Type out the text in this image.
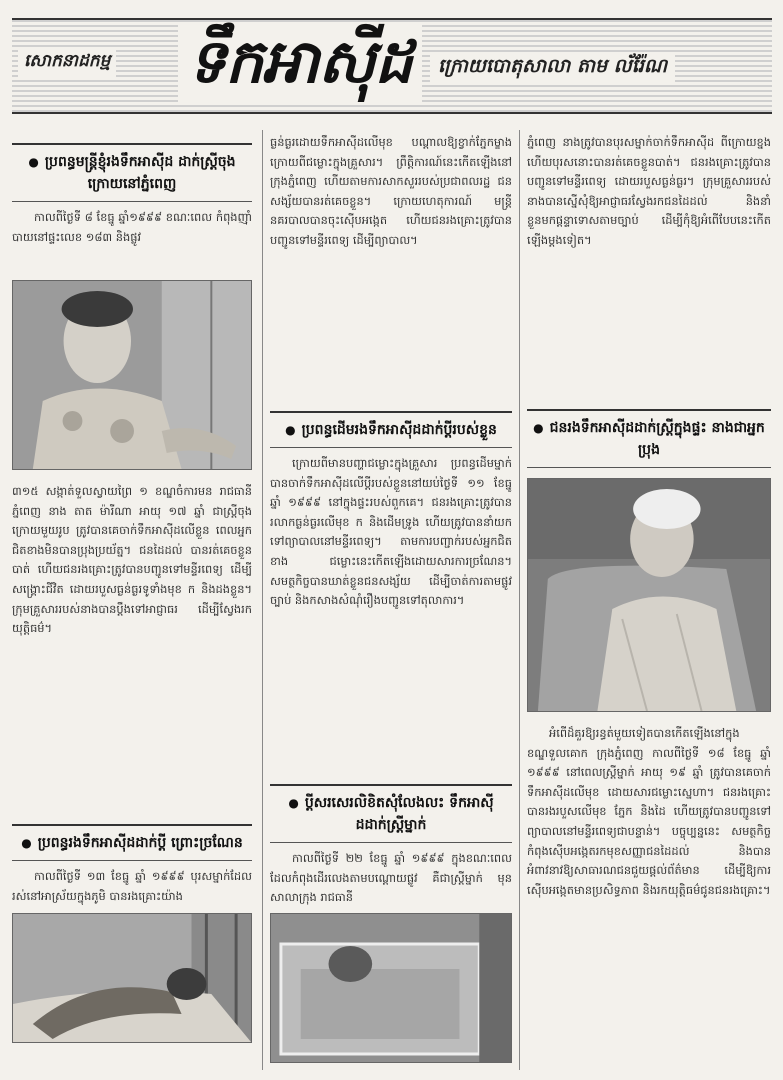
សោកនាដកម្ម ទឹកអាស៊ីដ	ក្រោយបោតុសាលា តាម ល័រ៉ែណ
● ប្រពន្ធមន្ត្រីខ្ញុំរងទឹកអាស៊ីដ ដាក់ស្ត្រីចុងក្រោយនៅភ្នំពេញ

កាលពីថ្ងៃទី ៨ ខែធ្នូ ឆ្នាំ១៩៩៩ ខណៈពេល កំពុងញ៉ាំបាយនៅផ្ទះលេខ ១៨៣ និងផ្លូវ

៣១៥ សង្កាត់ទួលស្វាយព្រៃ ១ ខណ្ឌចំការមន រាជធានីភ្នំពេញ នាង តាត ម៉ារីណា អាយុ ១៧ ឆ្នាំ ជាស្ត្រីចុងក្រោយមួយរូប ត្រូវបានគេចាក់ទឹកអាស៊ីដលើខ្លួន ពេលអ្នកជិតខាងមិនបានប្រុងប្រយ័ត្ន។ ជនដៃដល់ បានរត់គេចខ្លួនបាត់ ហើយជនរងគ្រោះត្រូវបានបញ្ជូនទៅមន្ទីរពេទ្យ ដើម្បីសង្គ្រោះជីវិត ដោយរបួសធ្ងន់ធ្ងរទូទាំងមុខ ក និងដងខ្លួន។ ក្រុមគ្រួសាររបស់នាងបានប្តឹងទៅអាជ្ញាធរ ដើម្បីស្វែងរកយុត្តិធម៌។

● ប្រពន្ធរងទឹកអាស៊ីដដាក់ប្តី ព្រោះច្រណែន

កាលពីថ្ងៃទី ១៣ ខែធ្នូ ឆ្នាំ ១៩៩៩ បុរសម្នាក់ដែលរស់នៅអាស្រ័យក្នុងភូមិ បានរងគ្រោះយ៉ាង

ធ្ងន់ធ្ងរដោយទឹកអាស៊ីដលើមុខ បណ្តាលឱ្យខ្វាក់ភ្នែកម្ខាង ក្រោយពីជម្លោះក្នុងគ្រួសារ។ ព្រឹត្តិការណ៍នេះកើតឡើងនៅក្រុងភ្នំពេញ ហើយតាមការសាកសួររបស់ប្រជាពលរដ្ឋ ជនសង្ស័យបានរត់គេចខ្លួន។ ក្រោយហេតុការណ៍ មន្ត្រីនគរបាលបានចុះស៊ើបអង្កេត ហើយជនរងគ្រោះត្រូវបានបញ្ជូនទៅមន្ទីរពេទ្យ ដើម្បីព្យាបាល។

● ប្រពន្ធដើមរងទឹកអាស៊ីដដាក់ប្តីរបស់ខ្លួន

ក្រោយពីមានបញ្ហាជម្លោះក្នុងគ្រួសារ ប្រពន្ធដើមម្នាក់បានចាក់ទឹកអាស៊ីដលើប្តីរបស់ខ្លួននៅយប់ថ្ងៃទី ១១ ខែធ្នូ ឆ្នាំ ១៩៩៩ នៅក្នុងផ្ទះរបស់ពួកគេ។ ជនរងគ្រោះត្រូវបានរលាកធ្ងន់ធ្ងរលើមុខ ក និងដើមទ្រូង ហើយត្រូវបាននាំយកទៅព្យាបាលនៅមន្ទីរពេទ្យ។ តាមការបញ្ជាក់របស់អ្នកជិតខាង ជម្លោះនេះកើតឡើងដោយសារការច្រណែន។ សមត្ថកិច្ចបានឃាត់ខ្លួនជនសង្ស័យ ដើម្បីចាត់ការតាមផ្លូវច្បាប់ និងកសាងសំណុំរឿងបញ្ជូនទៅតុលាការ។

● ប្តីសរសេរលិខិតសុំលែងលះ ទឹកអាស៊ីដដាក់ស្ត្រីម្នាក់

កាលពីថ្ងៃទី ២២ ខែធ្នូ ឆ្នាំ ១៩៩៩ ក្នុងខណៈពេលដែលកំពុងដើរលេងតាមបណ្តោយផ្លូវ គឺជាស្ត្រីម្នាក់ មុនសាលាក្រុង រាជធានី

ភ្នំពេញ នាងត្រូវបានបុរសម្នាក់ចាក់ទឹកអាស៊ីដ ពីក្រោយខ្នង ហើយបុរសនោះបានរត់គេចខ្លួនបាត់។ ជនរងគ្រោះត្រូវបានបញ្ជូនទៅមន្ទីរពេទ្យ ដោយរបួសធ្ងន់ធ្ងរ។ ក្រុមគ្រួសាររបស់នាងបានស្នើសុំឱ្យអាជ្ញាធរស្វែងរកជនដៃដល់ និងនាំខ្លួនមកផ្តន្ទាទោសតាមច្បាប់ ដើម្បីកុំឱ្យអំពើបែបនេះកើតឡើងម្តងទៀត។

● ជនរងទឹកអាស៊ីដដាក់ស្ត្រីក្នុងផ្ទះ នាងជាអ្នកប្រុង

អំពើដ៏គួរឱ្យរន្ធត់មួយទៀតបានកើតឡើងនៅក្នុងខណ្ឌទួលគោក ក្រុងភ្នំពេញ កាលពីថ្ងៃទី ១៨ ខែធ្នូ ឆ្នាំ ១៩៩៩ នៅពេលស្ត្រីម្នាក់ អាយុ ១៩ ឆ្នាំ ត្រូវបានគេចាក់ទឹកអាស៊ីដលើមុខ ដោយសារជម្លោះស្នេហា។ ជនរងគ្រោះបានរងរបួសលើមុខ ភ្នែក និងដៃ ហើយត្រូវបានបញ្ជូនទៅព្យាបាលនៅមន្ទីរពេទ្យជាបន្ទាន់។ បច្ចុប្បន្ននេះ សមត្ថកិច្ចកំពុងស៊ើបអង្កេតរកមុខសញ្ញាជនដៃដល់ និងបានអំពាវនាវឱ្យសាធារណជនជួយផ្តល់ព័ត៌មាន ដើម្បីឱ្យការស៊ើបអង្កេតមានប្រសិទ្ធភាព និងរកយុត្តិធម៌ជូនជនរងគ្រោះ។
